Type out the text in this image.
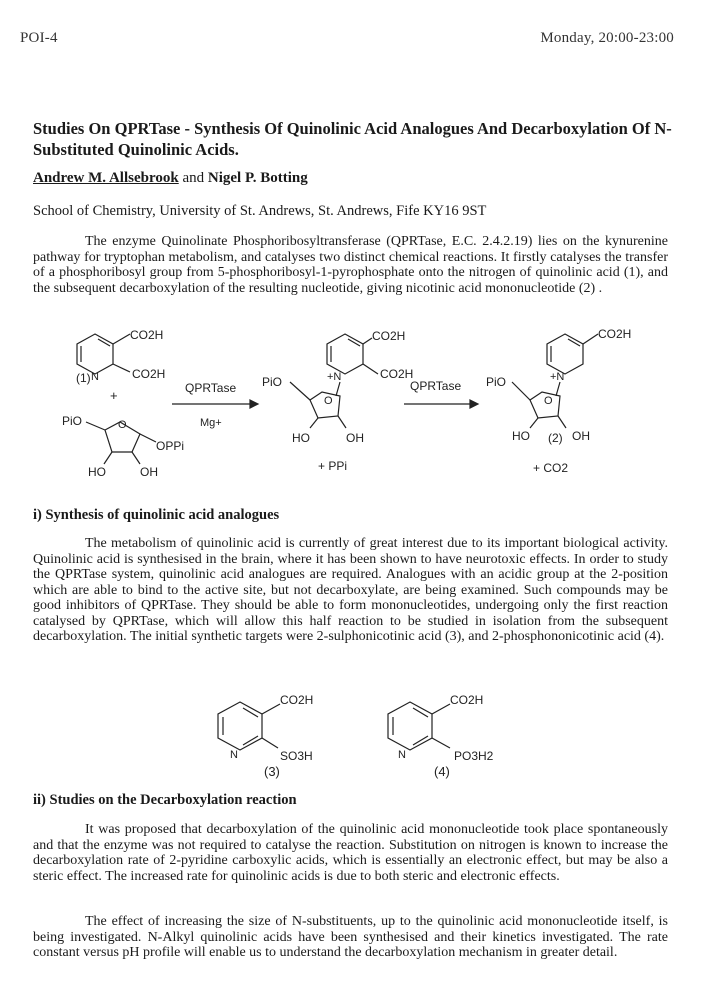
POI-4	Monday, 20:00-23:00
Studies On QPRTase - Synthesis Of Quinolinic Acid Analogues And Decarboxylation Of N-Substituted Quinolinic Acids.
Andrew M. Allsebrook and Nigel P. Botting
School of Chemistry, University of St. Andrews, St. Andrews, Fife KY16 9ST

The enzyme Quinolinate Phosphoribosyltransferase (QPRTase, E.C. 2.4.2.19) lies on the kynurenine pathway for tryptophan metabolism, and catalyses two distinct chemical reactions. It firstly catalyses the transfer of a phosphoribosyl group from 5-phosphoribosyl-1-pyrophosphate onto the nitrogen of quinolinic acid (1), and the subsequent decarboxylation of the resulting nucleotide, giving nicotinic acid mononucleotide (2) .

CO2H
CO2H
N
(1)
+
PiO	O
OPPi
HO	OH
QPRTase
Mg+
CO2H
CO2H
+N
PiO
O
HO	OH
+ PPi
QPRTase
CO2H
+N
PiO
O
HO (2) OH
+ CO2
i) Synthesis of quinolinic acid analogues

The metabolism of quinolinic acid is currently of great interest due to its important biological activity. Quinolinic acid is synthesised in the brain, where it has been shown to have neurotoxic effects. In order to study the QPRTase system, quinolinic acid analogues are required. Analogues with an acidic group at the 2-position which are able to bind to the active site, but not decarboxylate, are being examined. Such compounds may be good inhibitors of QPRTase. They should be able to form mononucleotides, undergoing only the first reaction catalysed by QPRTase, which will allow this half reaction to be studied in isolation from the subsequent decarboxylation. The initial synthetic targets were 2-sulphonicotinic acid (3), and 2-phosphononicotinic acid (4).

CO2H
SO3H
N
(3)
CO2H
PO3H2
N
(4)
ii) Studies on the Decarboxylation reaction

It was proposed that decarboxylation of the quinolinic acid mononucleotide took place spontaneously and that the enzyme was not required to catalyse the reaction. Substitution on nitrogen is known to increase the decarboxylation rate of 2-pyridine carboxylic acids, which is essentially an electronic effect, but may be also a steric effect. The increased rate for quinolinic acids is due to both steric and electronic effects.

The effect of increasing the size of N-substituents, up to the quinolinic acid mononucleotide itself, is being investigated. N-Alkyl quinolinic acids have been synthesised and their kinetics investigated. The rate constant versus pH profile will enable us to understand the decarboxylation mechanism in greater detail.
